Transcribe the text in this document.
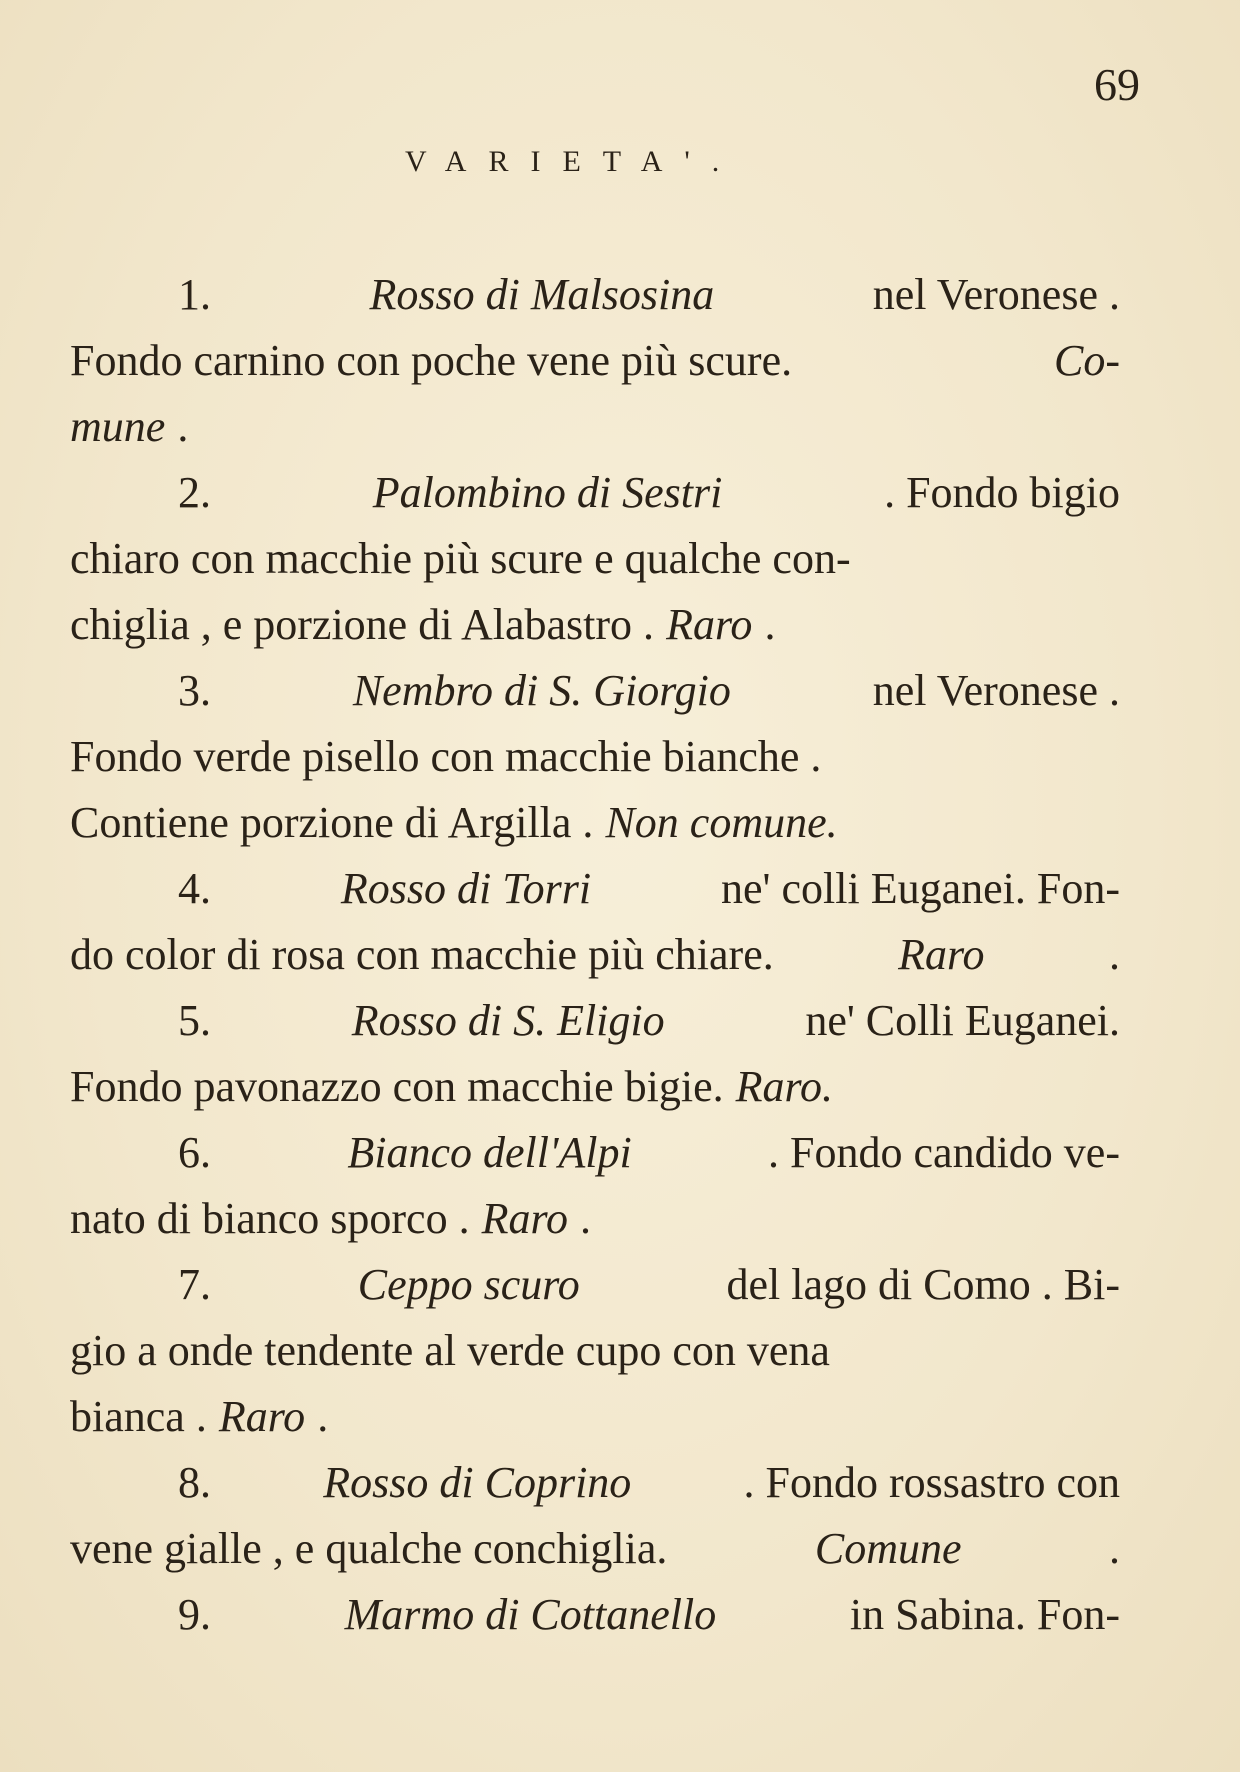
69
VARIETA'.
1.	Rosso di Malsosina	nel Veronese .
Fondo carnino con poche vene più scure.	Co-
mune .
2.	Palombino di Sestri	. Fondo bigio
chiaro con macchie più scure e qualche con-
chiglia , e porzione di Alabastro . Raro .
3.	Nembro di S. Giorgio	nel Veronese .
Fondo verde pisello con macchie bianche .
Contiene porzione di Argilla . Non comune.
4.	Rosso di Torri	ne' colli Euganei. Fon-
do color di rosa con macchie più chiare.	Raro	.
5.	Rosso di S. Eligio	ne' Colli Euganei.
Fondo pavonazzo con macchie bigie. Raro.
6.	Bianco dell'Alpi	. Fondo candido ve-
nato di bianco sporco . Raro .
7.	Ceppo scuro	del lago di Como . Bi-
gio a onde tendente al verde cupo con vena
bianca . Raro .
8.	Rosso di Coprino	. Fondo rossastro con
vene gialle , e qualche conchiglia.	Comune	.
9.	Marmo di Cottanello	in Sabina. Fon-
